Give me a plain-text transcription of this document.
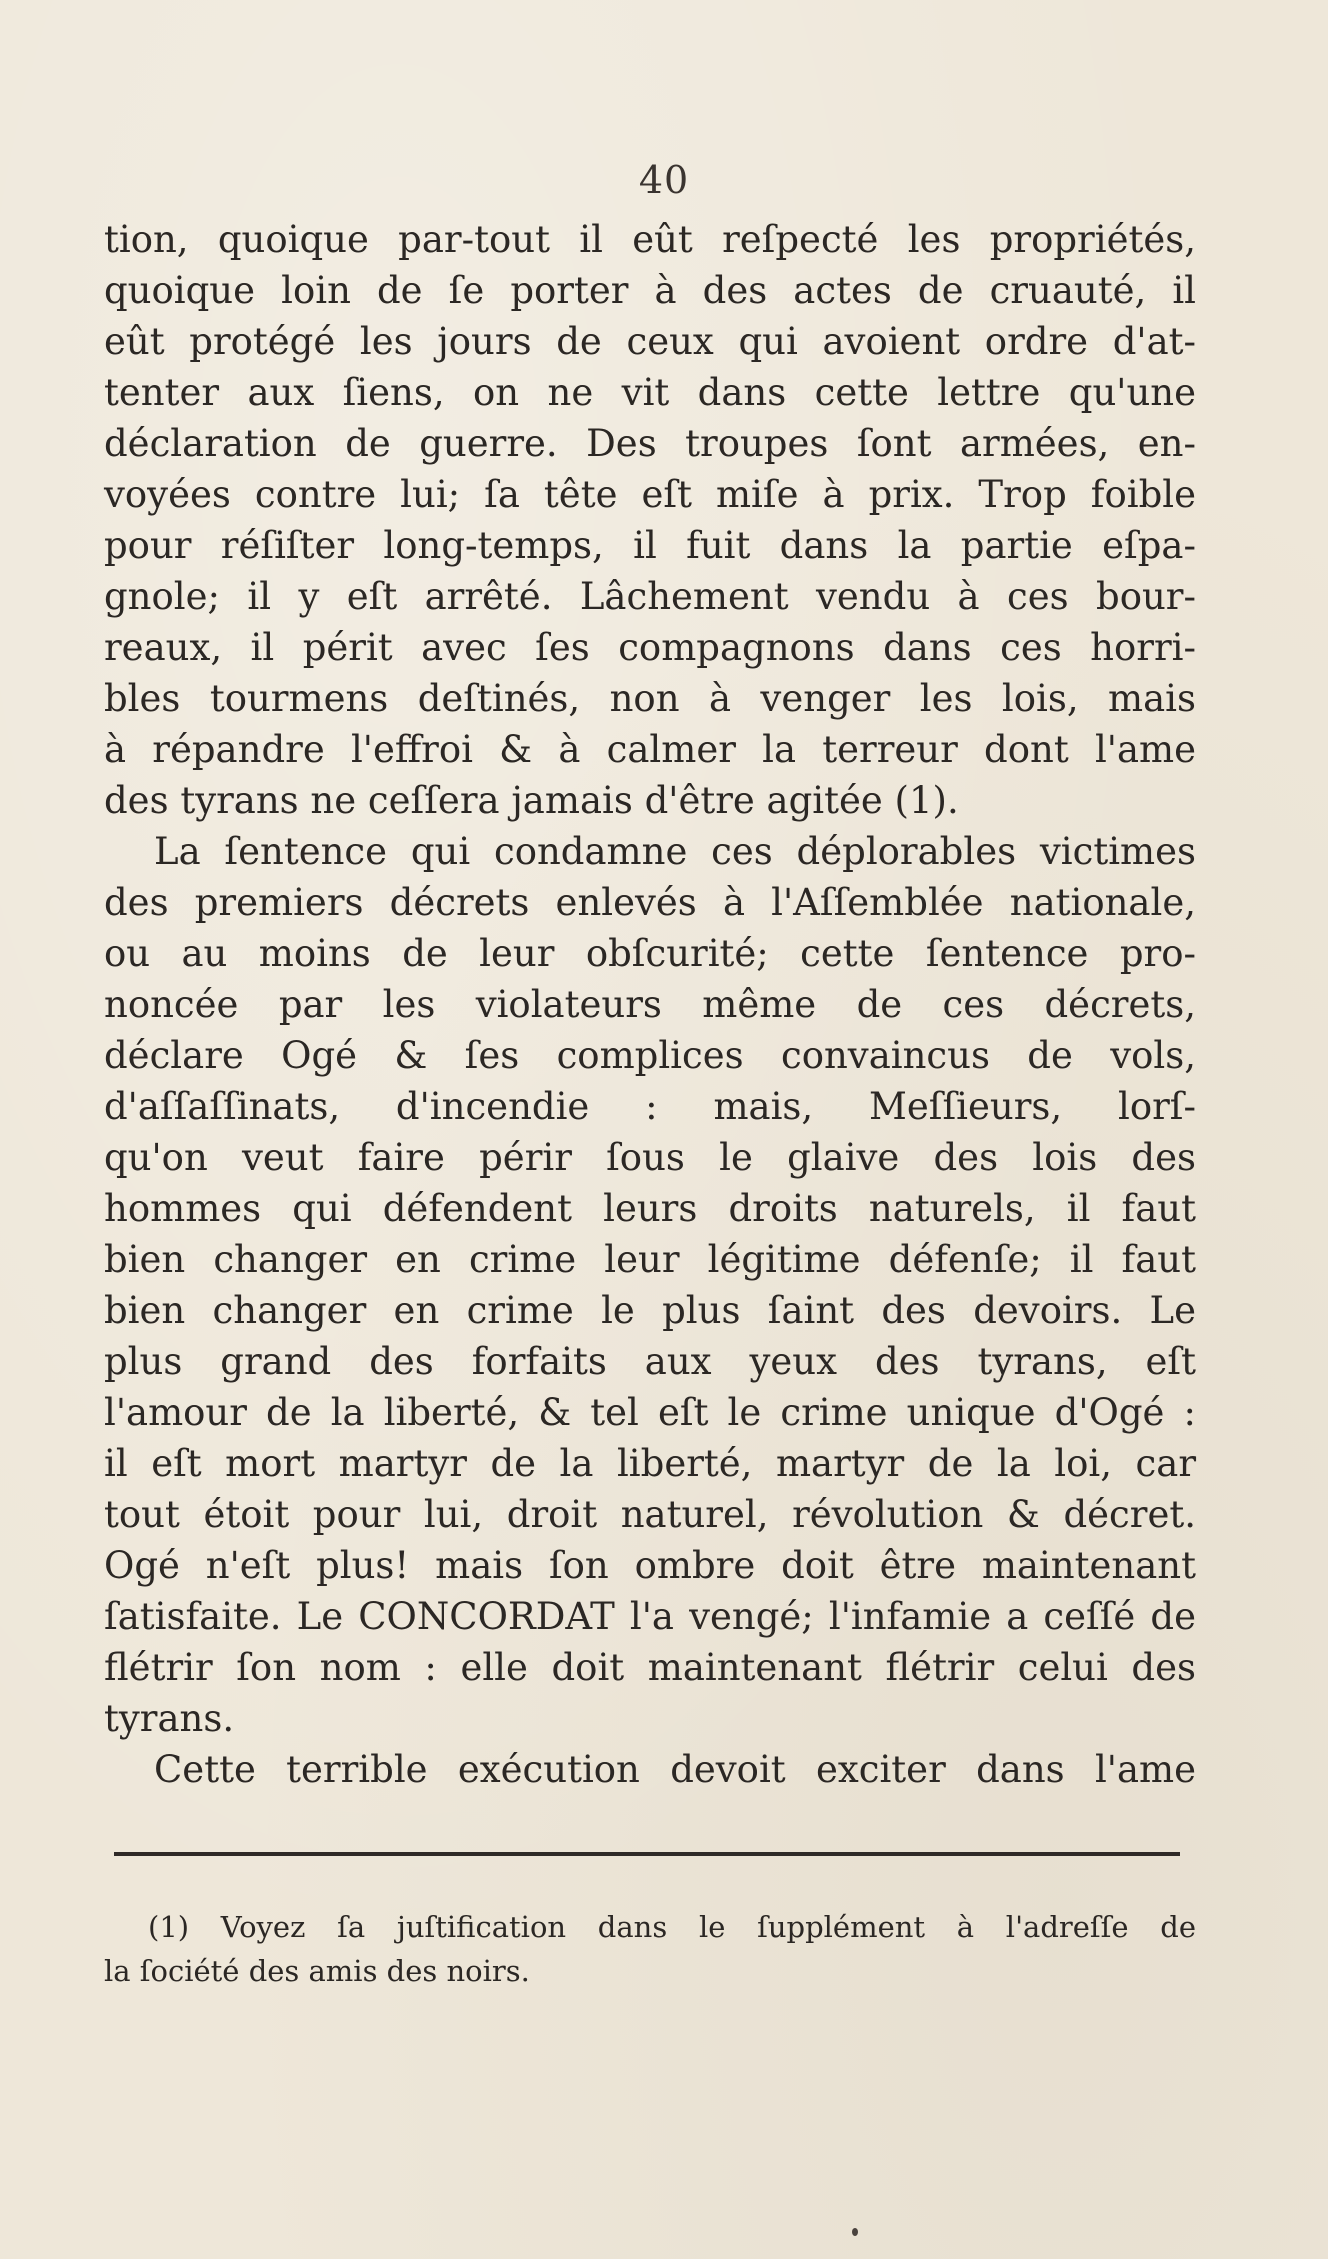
40
tion, quoique par-tout il eût reſpecté les propriétés,
quoique loin de ſe porter à des actes de cruauté, il
eût protégé les jours de ceux qui avoient ordre d'at-
tenter aux ſiens, on ne vit dans cette lettre qu'une
déclaration de guerre. Des troupes ſont armées, en-
voyées contre lui; ſa tête eſt miſe à prix. Trop foible
pour réſiſter long-temps, il fuit dans la partie eſpa-
gnole; il y eſt arrêté. Lâchement vendu à ces bour-
reaux, il périt avec ſes compagnons dans ces horri-
bles tourmens deſtinés, non à venger les lois, mais
à répandre l'effroi & à calmer la terreur dont l'ame
des tyrans ne ceſſera jamais d'être agitée (1).
La ſentence qui condamne ces déplorables victimes
des premiers décrets enlevés à l'Aſſemblée nationale,
ou au moins de leur obſcurité; cette ſentence pro-
noncée par les violateurs même de ces décrets,
déclare Ogé & ſes complices convaincus de vols,
d'aſſaſſinats, d'incendie : mais, Meſſieurs, lorſ-
qu'on veut faire périr ſous le glaive des lois des
hommes qui défendent leurs droits naturels, il faut
bien changer en crime leur légitime défenſe; il faut
bien changer en crime le plus ſaint des devoirs. Le
plus grand des forfaits aux yeux des tyrans, eſt
l'amour de la liberté, & tel eſt le crime unique d'Ogé :
il eſt mort martyr de la liberté, martyr de la loi, car
tout étoit pour lui, droit naturel, révolution & décret.
Ogé n'eſt plus! mais ſon ombre doit être maintenant
ſatisfaite. Le CONCORDAT l'a vengé; l'infamie a ceſſé de
flétrir ſon nom : elle doit maintenant flétrir celui des
tyrans.
Cette terrible exécution devoit exciter dans l'ame
(1) Voyez ſa juſtification dans le ſupplément à l'adreſſe de
la ſociété des amis des noirs.
